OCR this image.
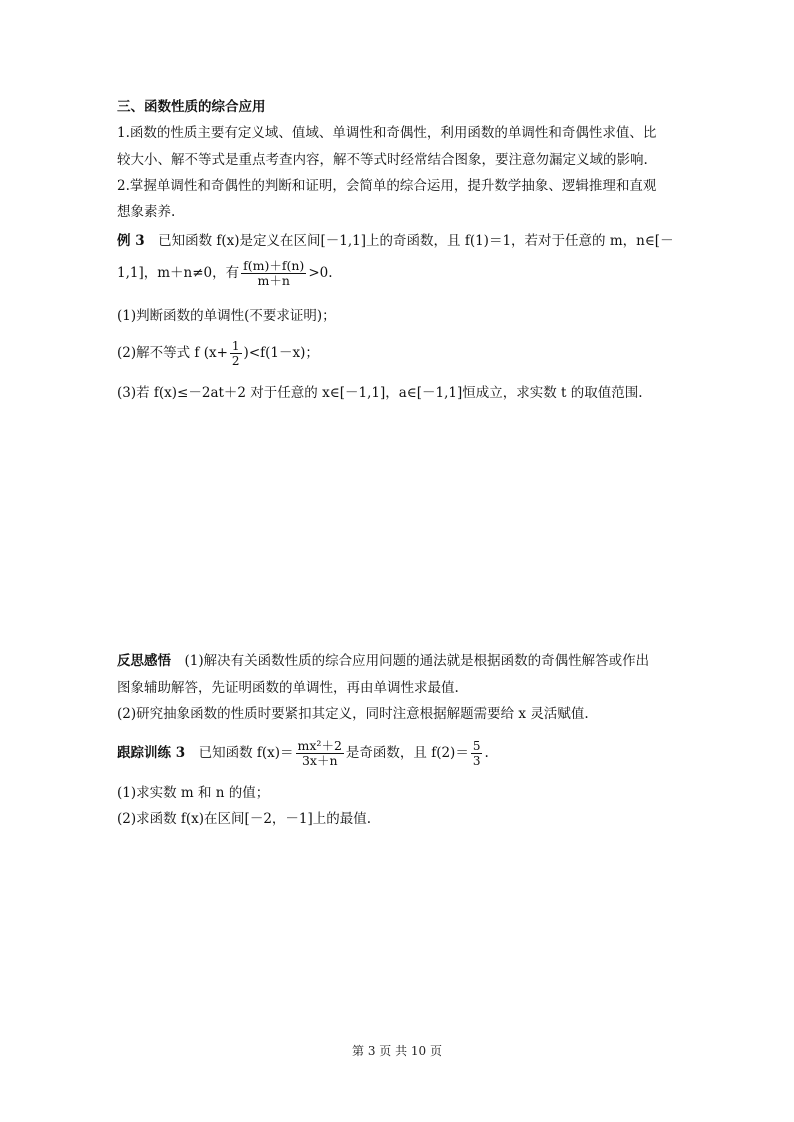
三、函数性质的综合应用
1.函数的性质主要有定义域、值域、单调性和奇偶性，利用函数的单调性和奇偶性求值、比
较大小、解不等式是重点考查内容，解不等式时经常结合图象，要注意勿漏定义域的影响.
2.掌握单调性和奇偶性的判断和证明，会简单的综合运用，提升数学抽象、逻辑推理和直观
想象素养.
例 3　已知函数 f(x)是定义在区间[－1,1]上的奇函数，且 f(1)＝1，若对于任意的 m，n∈[－
1,1]，m＋n≠0，有 $\frac{f(m)+f(n)}{m+n} >0$.
(1)判断函数的单调性(不要求证明)；
(2)解不等式 f $(x+ \frac{1}{2} )<f(1-x)$；
(3)若 f(x)≤－2at＋2 对于任意的 x∈[－1,1]，a∈[－1,1]恒成立，求实数 t 的取值范围.
反思感悟　(1)解决有关函数性质的综合应用问题的通法就是根据函数的奇偶性解答或作出
图象辅助解答，先证明函数的单调性，再由单调性求最值.
(2)研究抽象函数的性质时要紧扣其定义，同时注意根据解题需要给 x 灵活赋值.
跟踪训练 3　已知函数 $f(x)= \frac{\text{mx²＋2}}{3x+n}$ 是奇函数，且 $f(2)= \frac{5}{3}$ .
(1)求实数 m 和 n 的值；
(2)求函数 f(x)在区间[－2，－1]上的最值.
第 3 页 共 10 页
